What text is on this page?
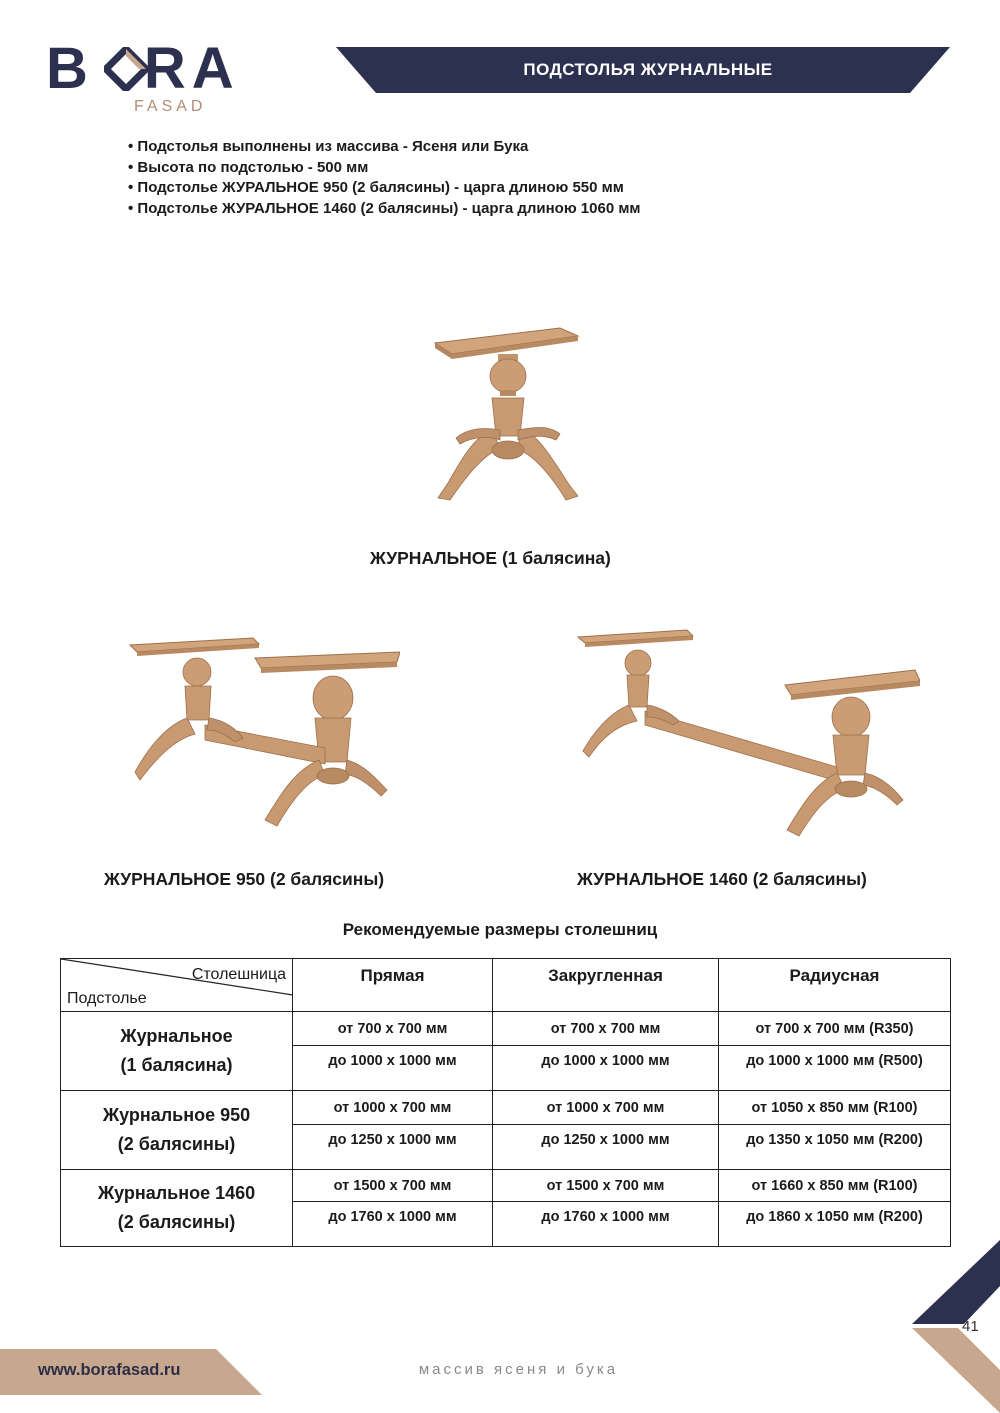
B RA
FASAD
ПОДСТОЛЬЯ ЖУРНАЛЬНЫЕ
• Подстолья выполнены из массива - Ясеня или Бука
• Высота по подстолью - 500 мм
• Подстолье ЖУРАЛЬНОЕ 950 (2 балясины) - царга длиною 550 мм
• Подстолье ЖУРАЛЬНОЕ 1460 (2 балясины) - царга длиною 1060 мм
ЖУРНАЛЬНОЕ (1 балясина)
ЖУРНАЛЬНОЕ 950 (2 балясины)	ЖУРНАЛЬНОЕ 1460 (2 балясины)
Рекомендуемые размеры столешниц
Столешница
Подстолье	Прямая	Закругленная	Радиусная

Журнальное
(1 балясина)	от 700 х 700 мм	от 700 х 700 мм	от 700 х 700 мм (R350)
	до 1000 х 1000 мм	до 1000 х 1000 мм	до 1000 х 1000 мм (R500)

Журнальное 950
(2 балясины)	от 1000 х 700 мм	от 1000 х 700 мм	от 1050 х 850 мм (R100)
	до 1250 х 1000 мм	до 1250 х 1000 мм	до 1350 х 1050 мм (R200)

Журнальное 1460
(2 балясины)	от 1500 х 700 мм	от 1500 х 700 мм	от 1660 х 850 мм (R100)
	до 1760 х 1000 мм	до 1760 х 1000 мм	до 1860 х 1050 мм (R200)
www.borafasad.ru	массив ясеня и бука
41
